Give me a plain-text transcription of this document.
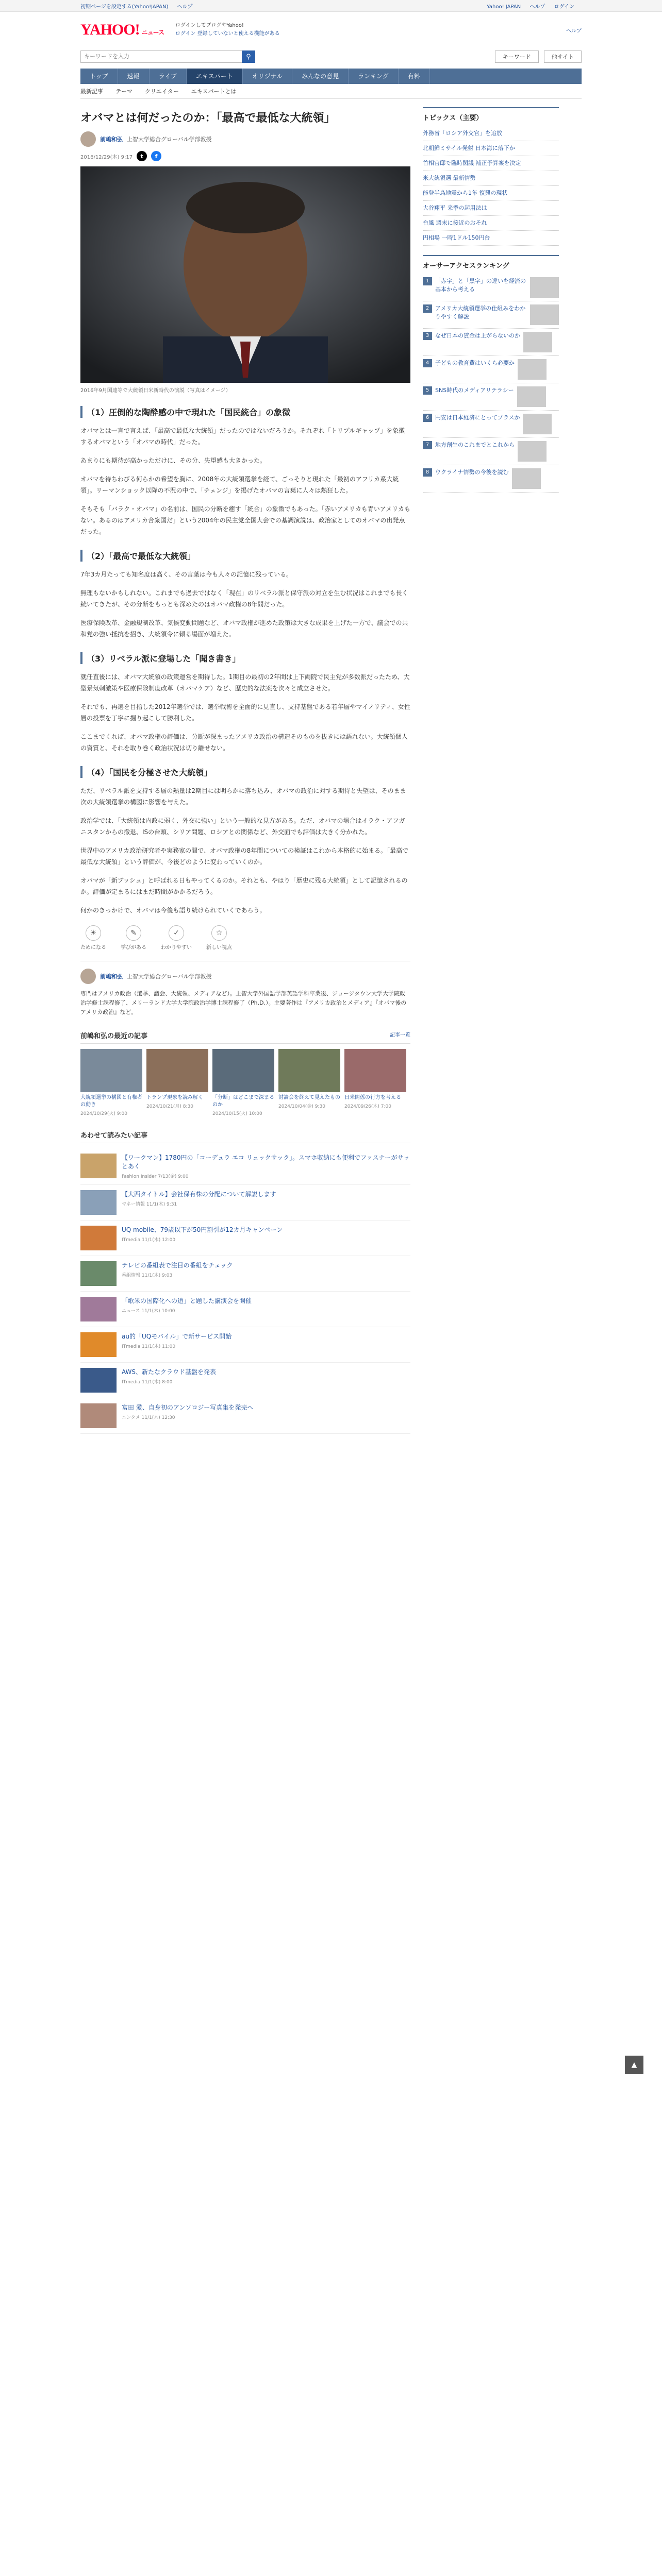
初期ページを設定する(Yahoo!JAPAN) ヘルプ	Yahoo! JAPAN ヘルプ ログイン
YAHOO! ニュース
ログインしてブログやYahoo!
ログイン 登録していないと使える機能がある	ヘルプ
キーワードを入力
⚲	キーワード	他サイト
トップ	速報	ライブ	エキスパート	オリジナル	みんなの意見	ランキング	有料
最新記事 テーマ クリエイター エキスパートとは
オバマとは何だったのか：「最高で最低な大統領」
前嶋和弘 上智大学総合グローバル学部教授
2016/12/29(木) 9:17	t	f
2016年9月国連等で大統領日米新時代の演説（写真はイメージ）
（1）圧倒的な陶酔感の中で現れた「国民統合」の象徴

オバマとは一言で言えば、「最高で最低な大統領」だったのではないだろうか。それぞれ「トリプルギャップ」を象徴するオバマという「オバマの時代」だった。

あまりにも期待が高かっただけに、その分、失望感も大きかった。

オバマを待ちわびる何らかの希望を胸に、2008年の大統領選挙を経て、ごっそりと現れた「最初のアフリカ系大統領」。リーマンショック以降の不況の中で、「チェンジ」を掲げたオバマの言葉に人々は熱狂した。

そもそも「バラク・オバマ」の名前は、国民の分断を癒す「統合」の象徴でもあった。「赤いアメリカも青いアメリカもない。あるのはアメリカ合衆国だ」という2004年の民主党全国大会での基調演説は、政治家としてのオバマの出発点だった。

（2）「最高で最低な大統領」

7年3カ月たっても知名度は高く、その言葉は今も人々の記憶に残っている。

無理もないかもしれない。これまでも過去ではなく「現在」のリベラル派と保守派の対立を生む状況はこれまでも長く続いてきたが、その分断をもっとも深めたのはオバマ政権の8年間だった。

医療保険改革、金融規制改革、気候変動問題など、オバマ政権が進めた政策は大きな成果を上げた一方で、議会での共和党の強い抵抗を招き、大統領令に頼る場面が増えた。

（3）リベラル派に登場した「聞き書き」

就任直後には、オバマ大統領の政策運営を期待した。1期目の最初の2年間は上下両院で民主党が多数派だったため、大型景気刺激策や医療保険制度改革（オバマケア）など、歴史的な法案を次々と成立させた。

それでも、再選を目指した2012年選挙では、選挙戦術を全面的に見直し、支持基盤である若年層やマイノリティ、女性層の投票を丁寧に掘り起こして勝利した。

ここまでくれば、オバマ政権の評価は、分断が深まったアメリカ政治の構造そのものを抜きには語れない。大統領個人の資質と、それを取り巻く政治状況は切り離せない。

（4）「国民を分極させた大統領」

ただ、リベラル派を支持する層の熱量は2期目には明らかに落ち込み、オバマの政治に対する期待と失望は、そのまま次の大統領選挙の構図に影響を与えた。

政治学では、「大統領は内政に弱く、外交に強い」という一般的な見方がある。ただ、オバマの場合はイラク・アフガニスタンからの撤退、ISの台頭、シリア問題、ロシアとの関係など、外交面でも評価は大きく分かれた。

世界中のアメリカ政治研究者や実務家の間で、オバマ政権の8年間についての検証はこれから本格的に始まる。「最高で最低な大統領」という評価が、今後どのように変わっていくのか。

オバマが「新ブッシュ」と呼ばれる日もやってくるのか。それとも、やはり「歴史に残る大統領」として記憶されるのか。評価が定まるにはまだ時間がかかるだろう。

何かのきっかけで、オバマは今後も語り続けられていくであろう。

☀
ためになる
✎
学びがある
✓
わかりやすい
☆
新しい視点
前嶋和弘 上智大学総合グローバル学部教授

専門はアメリカ政治（選挙、議会、大統領、メディアなど）。上智大学外国語学部英語学科卒業後、ジョージタウン大学大学院政治学修士課程修了、メリーランド大学大学院政治学博士課程修了（Ph.D.）。主要著作は『アメリカ政治とメディア』『オバマ後のアメリカ政治』など。

前嶋和弘の最近の記事	記事一覧
大統領選挙の構図と有権者の動き
2024/10/29(火) 9:00
トランプ現象を読み解く
2024/10/21(月) 8:30
「分断」はどこまで深まるのか
2024/10/15(火) 10:00
討論会を終えて見えたもの
2024/10/04(金) 9:30
日米関係の行方を考える
2024/09/26(木) 7:00
あわせて読みたい記事
【ワークマン】1780円の「コーデュラ エコ リュックサック」。スマホ収納にも便利でファスナーがサッとあく
Fashion Insider 7/13(金) 9:00
【大西タイトル】会社保有株の分配について解説します
マネー情報 11/1(木) 9:31
UQ mobile、79歳以下が50円割引が12カ月キャンペーン
ITmedia 11/1(木) 12:00
テレビの番組表で注目の番組をチェック
番組情報 11/1(木) 9:03
「歌米の国際化への道」と題した講演会を開催
ニュース 11/1(木) 10:00
au的「UQモバイル」で新サービス開始
ITmedia 11/1(木) 11:00
AWS、新たなクラウド基盤を発表
ITmedia 11/1(木) 8:00
富田 愛、自身初のアンソロジー写真集を発売へ
エンタメ 11/1(木) 12:30
トピックス（主要）
外務省「ロシア外交官」を追放
北朝鮮ミサイル発射 日本海に落下か
首相官邸で臨時閣議 補正予算案を決定
米大統領選 最新情勢
能登半島地震から1年 復興の現状
大谷翔平 来季の起用法は
台風 週末に接近のおそれ
円相場 一時1ドル150円台
オーサーアクセスランキング
1	「赤字」と「黒字」の違いを経済の基本から考える
2	アメリカ大統領選挙の仕組みをわかりやすく解説
3	なぜ日本の賃金は上がらないのか
4	子どもの教育費はいくら必要か
5	SNS時代のメディアリテラシー
6	円安は日本経済にとってプラスか
7	地方創生のこれまでとこれから
8	ウクライナ情勢の今後を読む
▲
